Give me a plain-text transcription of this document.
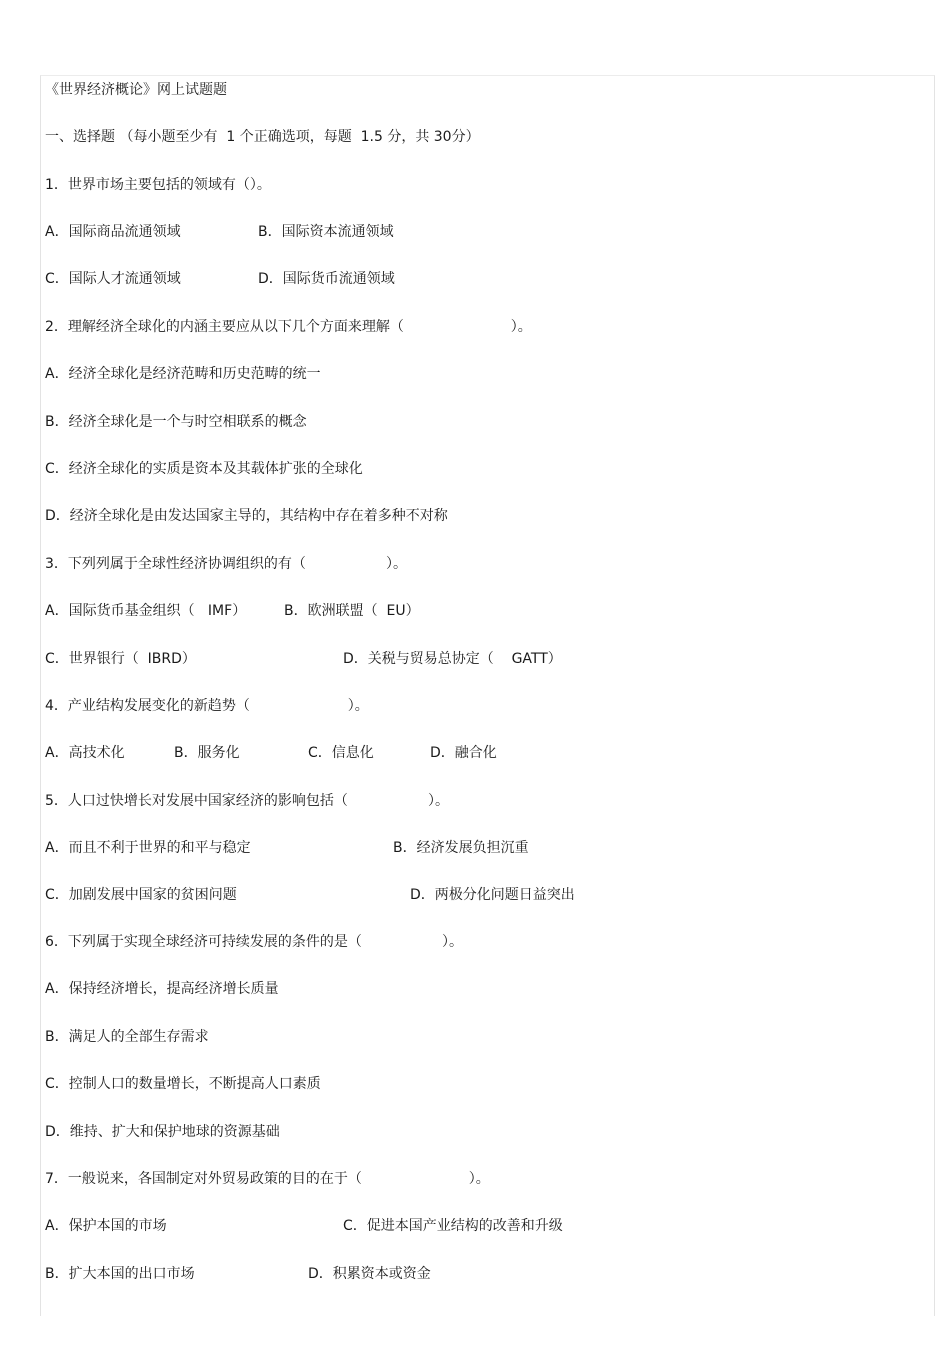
《世界经济概论》网上试题题
一、选择题 （每小题至少有  1 个正确选项，每题  1.5 分，共 30分）
1．世界市场主要包括的领域有（）。

A．国际商品流通领域

	B．国际资本流通领域

C．国际人才流通领域

	D．国际货币流通领域

2．理解经济全球化的内涵主要应从以下几个方面来理解（                        ）。
A．经济全球化是经济范畴和历史范畴的统一
B．经济全球化是一个与时空相联系的概念
C．经济全球化的实质是资本及其载体扩张的全球化
D．经济全球化是由发达国家主导的，其结构中存在着多种不对称
3．下列列属于全球性经济协调组织的有（                  ）。

A．国际货币基金组织（   IMF）

	B．欧洲联盟（  EU）

C．世界银行（  IBRD）

	D．关税与贸易总协定（    GATT）

4．产业结构发展变化的新趋势（                      ）。

A．高技术化

	B．服务化

	C．信息化

	D．融合化

5．人口过快增长对发展中国家经济的影响包括（                  ）。

A．而且不利于世界的和平与稳定

	B．经济发展负担沉重

C．加剧发展中国家的贫困问题

	D．两极分化问题日益突出

6．下列属于实现全球经济可持续发展的条件的是（                  ）。
A．保持经济增长，提高经济增长质量
B．满足人的全部生存需求
C．控制人口的数量增长，不断提高人口素质
D．维持、扩大和保护地球的资源基础
7．一般说来，各国制定对外贸易政策的目的在于（                        ）。

A．保护本国的市场

	C．促进本国产业结构的改善和升级

B．扩大本国的出口市场

	D．积累资本或资金
